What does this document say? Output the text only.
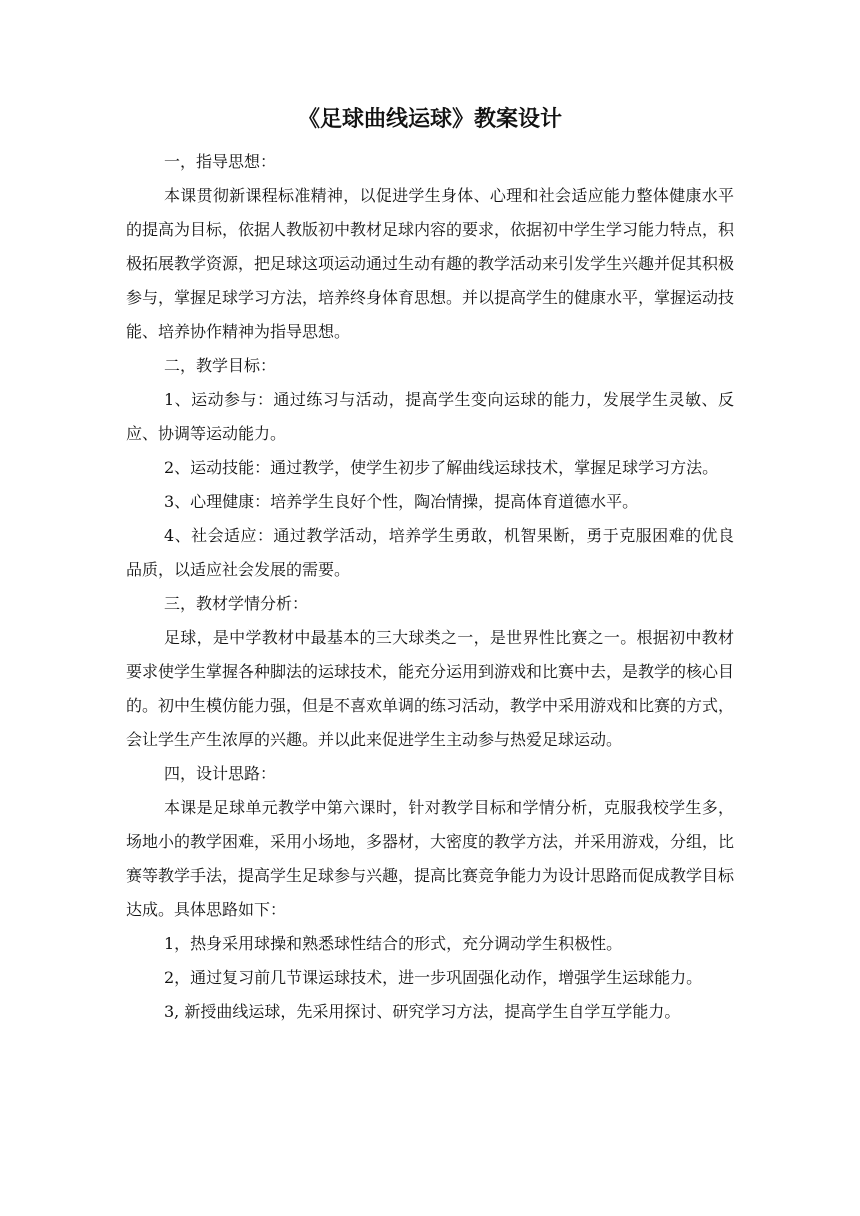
《足球曲线运球》教案设计

一，指导思想：

本课贯彻新课程标准精神，以促进学生身体、心理和社会适应能力整体健康水平的提高为目标，依据人教版初中教材足球内容的要求，依据初中学生学习能力特点，积极拓展教学资源，把足球这项运动通过生动有趣的教学活动来引发学生兴趣并促其积极参与，掌握足球学习方法，培养终身体育思想。并以提高学生的健康水平，掌握运动技能、培养协作精神为指导思想。

二，教学目标：

1、运动参与：通过练习与活动，提高学生变向运球的能力，发展学生灵敏、反应、协调等运动能力。

2、运动技能：通过教学，使学生初步了解曲线运球技术，掌握足球学习方法。

3、心理健康：培养学生良好个性，陶冶情操，提高体育道德水平。

4、社会适应：通过教学活动，培养学生勇敢，机智果断，勇于克服困难的优良品质，以适应社会发展的需要。

三，教材学情分析：

足球，是中学教材中最基本的三大球类之一，是世界性比赛之一。根据初中教材要求使学生掌握各种脚法的运球技术，能充分运用到游戏和比赛中去，是教学的核心目的。初中生模仿能力强，但是不喜欢单调的练习活动，教学中采用游戏和比赛的方式，会让学生产生浓厚的兴趣。并以此来促进学生主动参与热爱足球运动。

四，设计思路：

本课是足球单元教学中第六课时，针对教学目标和学情分析，克服我校学生多，场地小的教学困难，采用小场地，多器材，大密度的教学方法，并采用游戏，分组，比赛等教学手法，提高学生足球参与兴趣，提高比赛竞争能力为设计思路而促成教学目标达成。具体思路如下：

1，热身采用球操和熟悉球性结合的形式，充分调动学生积极性。

2，通过复习前几节课运球技术，进一步巩固强化动作，增强学生运球能力。

3, 新授曲线运球，先采用探讨、研究学习方法，提高学生自学互学能力。
